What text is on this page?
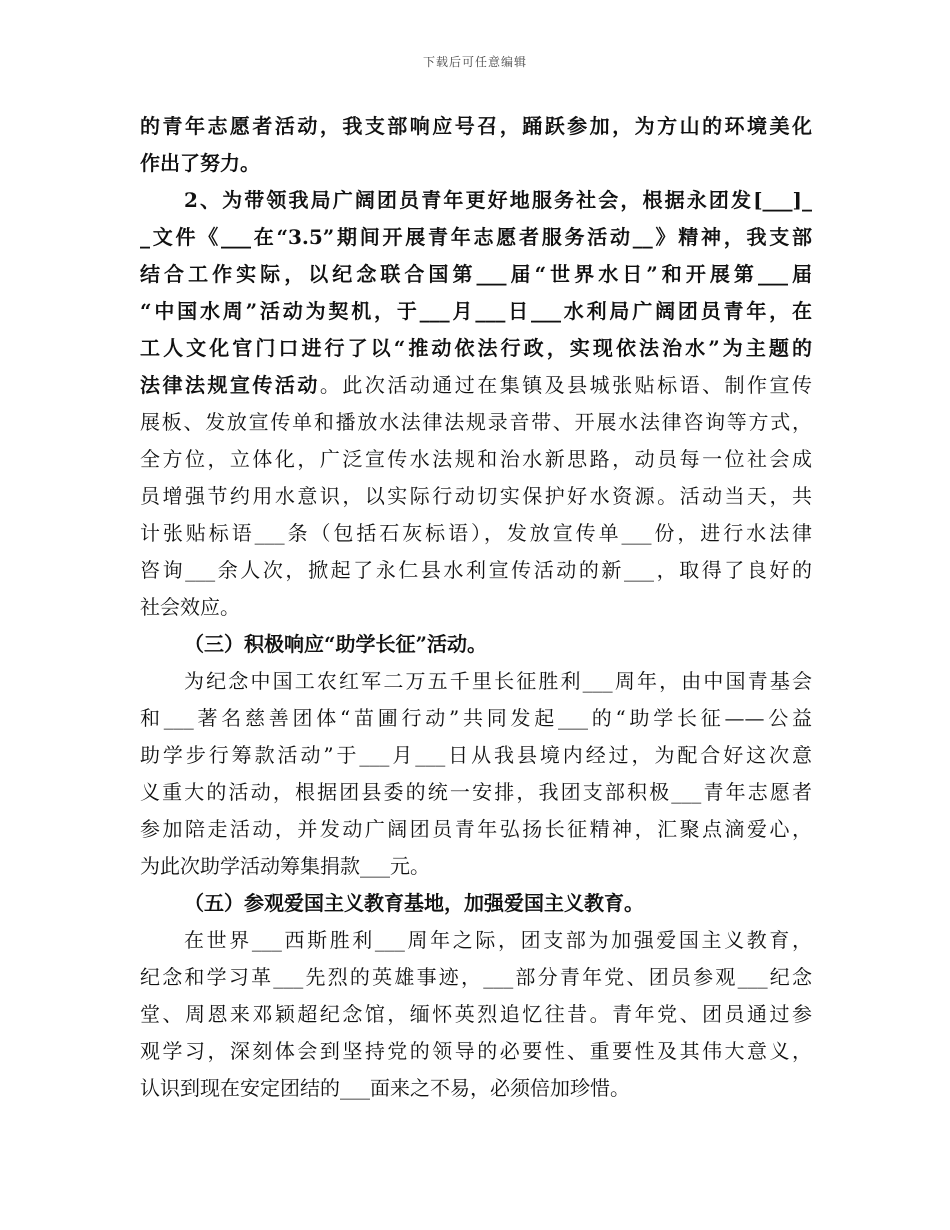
下载后可任意编辑
的青年志愿者活动，我支部响应号召，踊跃参加，为方山的环境美化
作出了努力。
2、为带领我局广阔团员青年更好地服务社会，根据永团发[___]_
_文件《___在“3.5”期间开展青年志愿者服务活动__》精神，我支部
结合工作实际，以纪念联合国第___届“世界水日”和开展第___届
“中国水周”活动为契机，于___月___日___水利局广阔团员青年，在
工人文化官门口进行了以“推动依法行政，实现依法治水”为主题的
法律法规宣传活动。此次活动通过在集镇及县城张贴标语、制作宣传
展板、发放宣传单和播放水法律法规录音带、开展水法律咨询等方式，
全方位，立体化，广泛宣传水法规和治水新思路，动员每一位社会成
员增强节约用水意识，以实际行动切实保护好水资源。活动当天，共
计张贴标语___条（包括石灰标语），发放宣传单___份，进行水法律
咨询___余人次，掀起了永仁县水利宣传活动的新___，取得了良好的
社会效应。
（三）积极响应“助学长征”活动。
为纪念中国工农红军二万五千里长征胜利___周年，由中国青基会
和___著名慈善团体“苗圃行动”共同发起___的“助学长征——公益
助学步行筹款活动”于___月___日从我县境内经过，为配合好这次意
义重大的活动，根据团县委的统一安排，我团支部积极___青年志愿者
参加陪走活动，并发动广阔团员青年弘扬长征精神，汇聚点滴爱心，
为此次助学活动筹集捐款___元。
（五）参观爱国主义教育基地，加强爱国主义教育。
在世界___西斯胜利___周年之际，团支部为加强爱国主义教育，
纪念和学习革___先烈的英雄事迹，___部分青年党、团员参观___纪念
堂、周恩来邓颖超纪念馆，缅怀英烈追忆往昔。青年党、团员通过参
观学习，深刻体会到坚持党的领导的必要性、重要性及其伟大意义，
认识到现在安定团结的___面来之不易，必须倍加珍惜。
